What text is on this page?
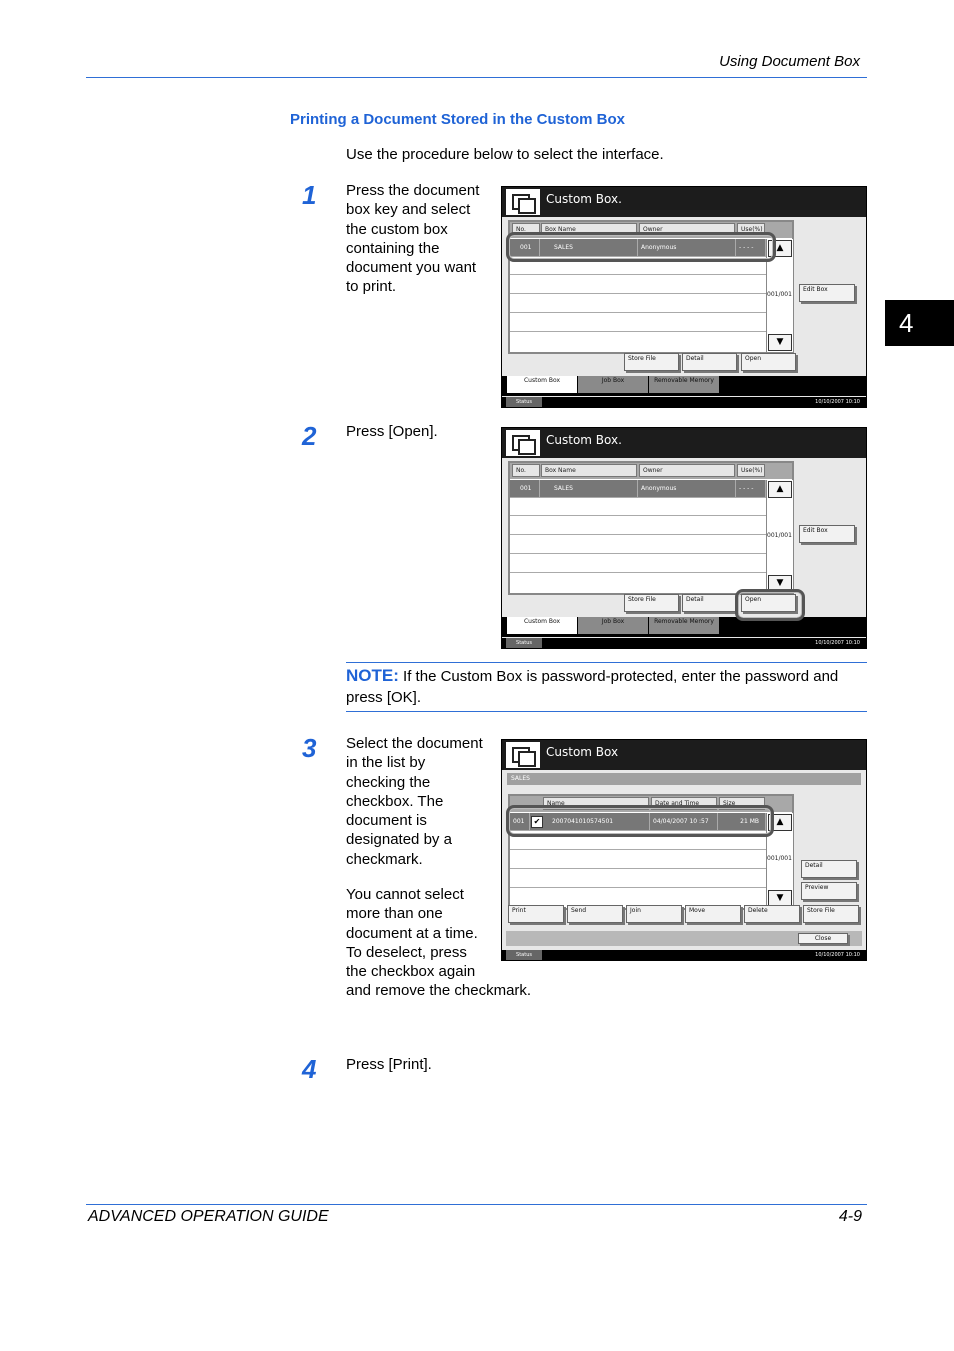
Using Document Box
Printing a Document Stored in the Custom Box
Use the procedure below to select the interface.
4
1 Press the document
box key and select
the custom box
containing the
document you want
to print.
Custom Box.
No.	Box Name	Owner	Use(%)
001	SALES	Anonymous	- - - -	▲
001/001
▼
Edit Box
Store File	Detail	Open
Custom Box	Job Box	Removable Memory
Status	10/10/2007 10:10
2 Press [Open].	Custom Box.
No.	Box Name	Owner	Use(%)
001	SALES	Anonymous	- - - -	▲
001/001
▼
Edit Box
Store File	Detail	Open
Custom Box	Job Box	Removable Memory
Status	10/10/2007 10:10
NOTE: If the Custom Box is password-protected, enter the password and press [OK].
3 Select the document
in the list by
checking the
checkbox. The
document is
designated by a
checkmark.
You cannot select
more than one
document at a time.
To deselect, press
the checkbox again
and remove the checkmark.
Custom Box
SALES
Name	Date and Time	Size
001	✔	20070410105745​01	04/04/2007 10 :57	21 MB	▲
001/001
▼
Detail
Preview
Print	Send	Join	Move	Delete	Store File
Close
Status	10/10/2007 10:10
4 Press [Print].
ADVANCED OPERATION GUIDE	4-9
